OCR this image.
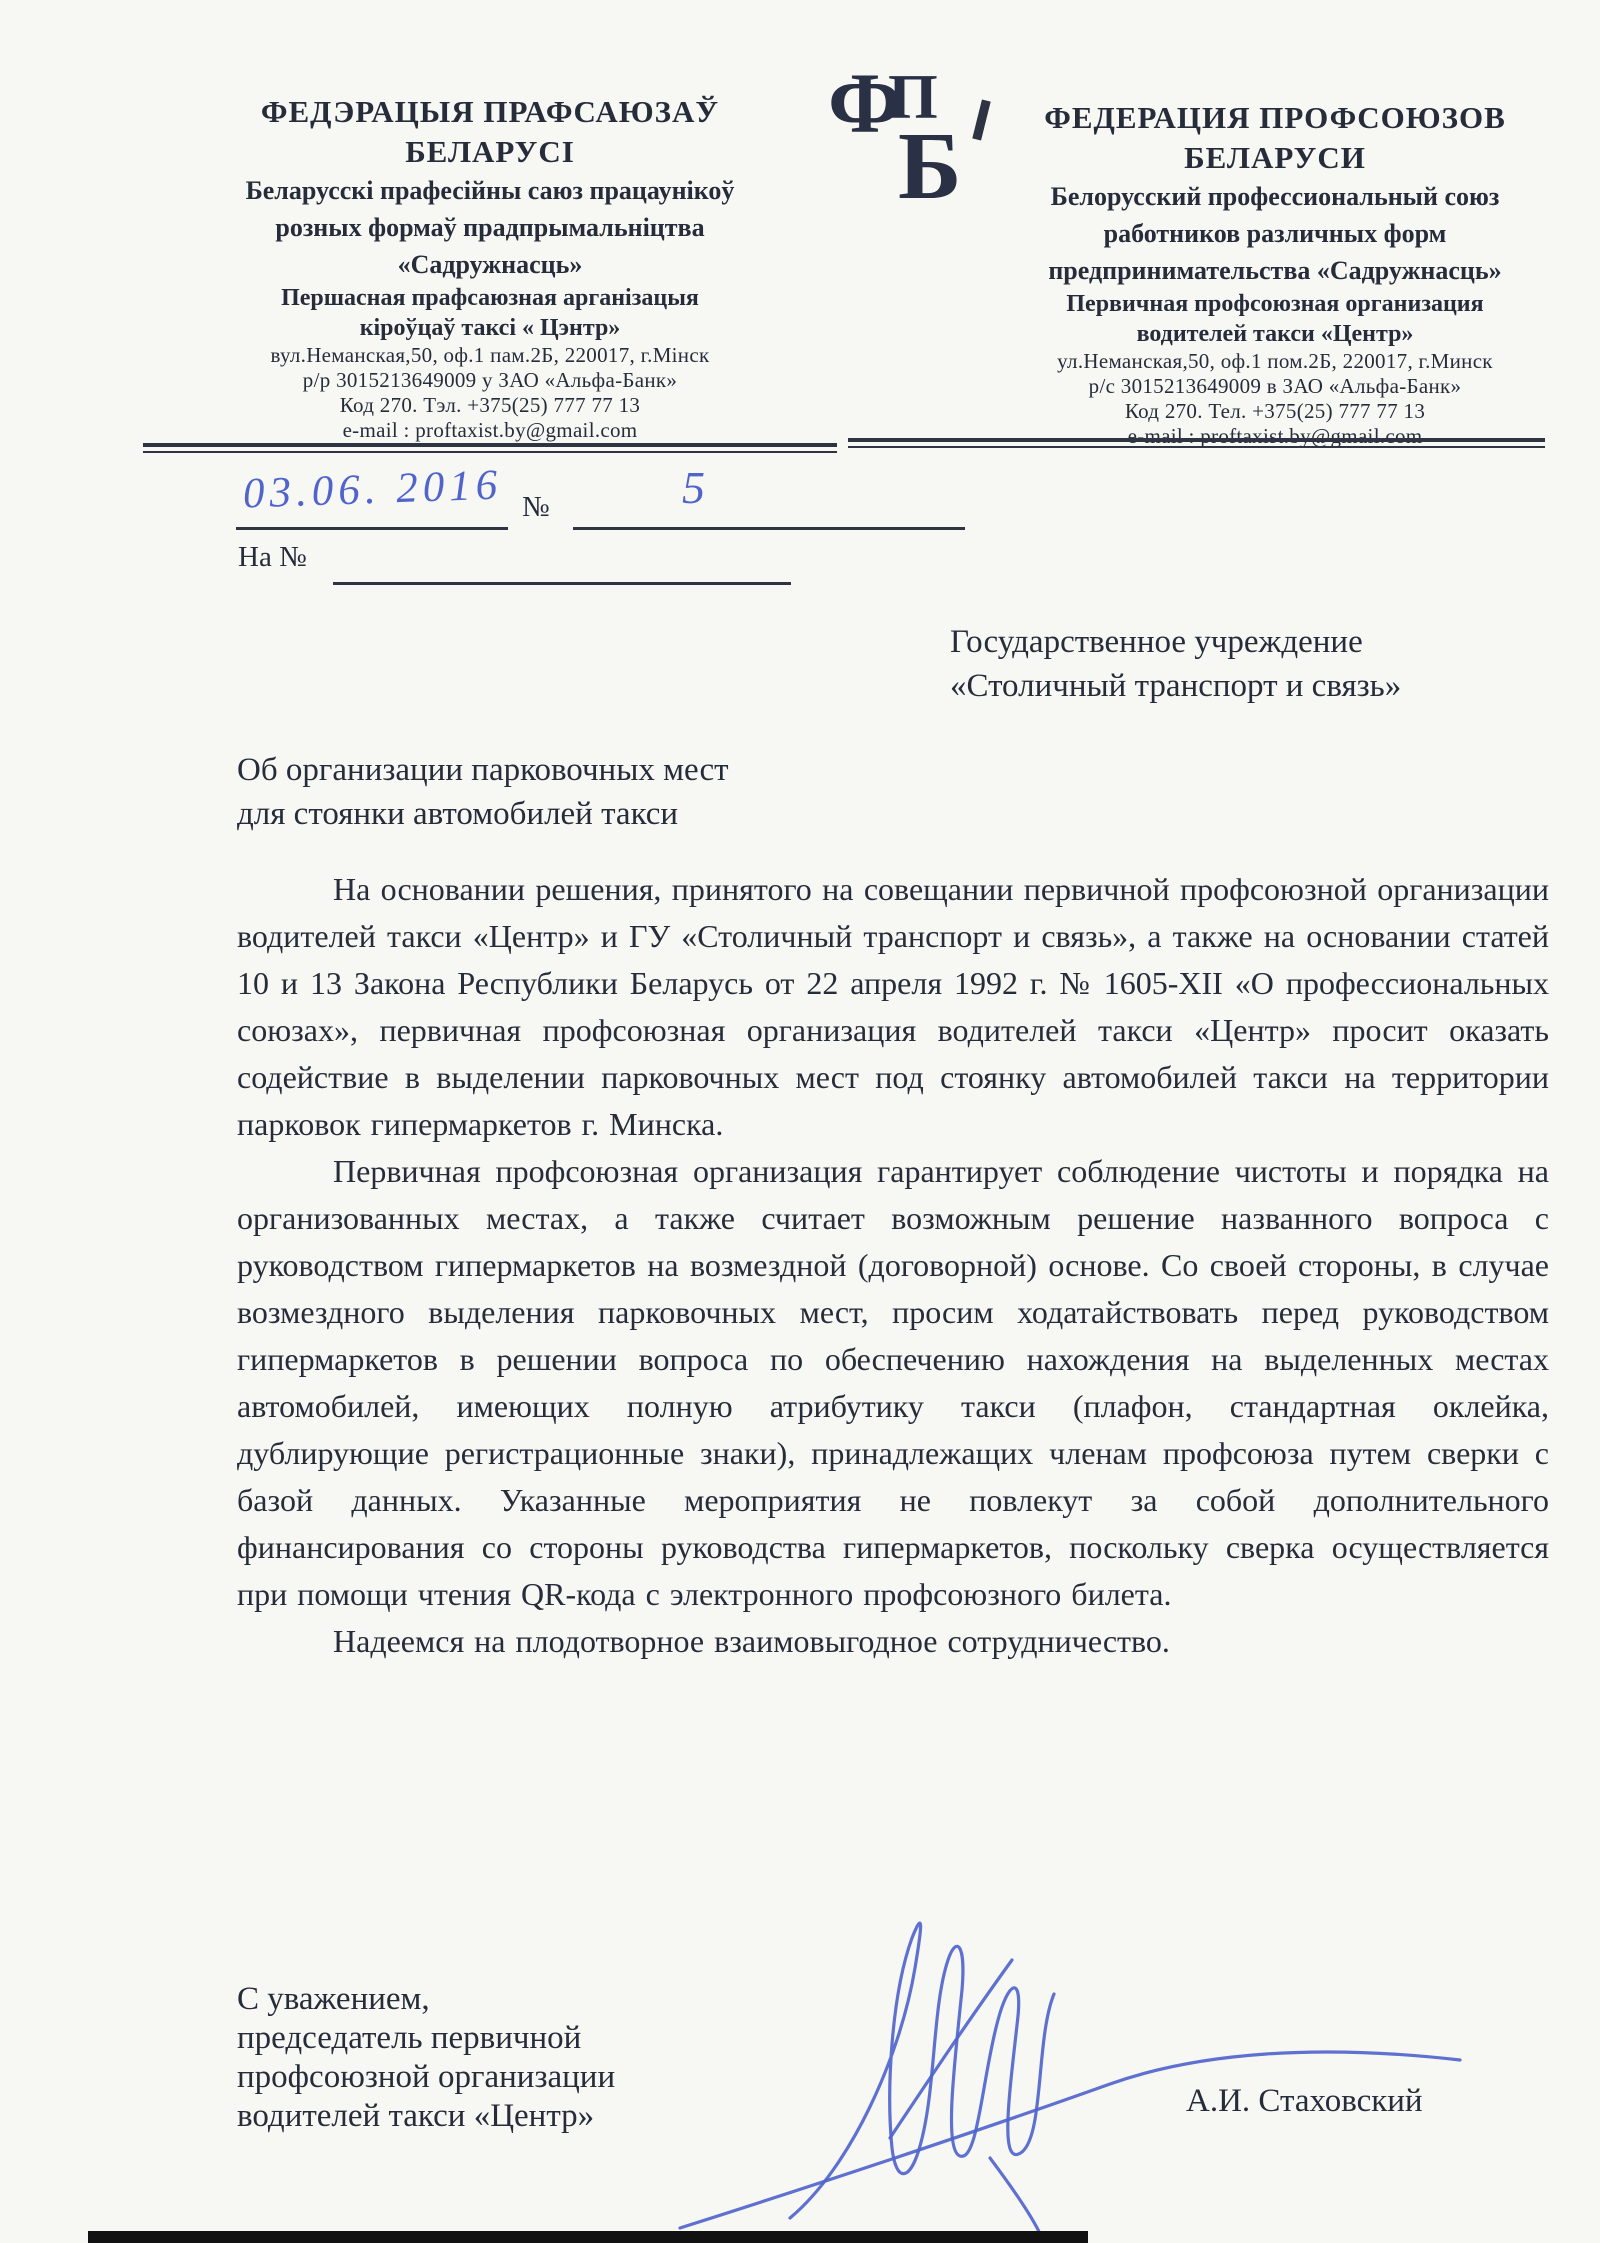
ФЕДЭРАЦЫЯ ПРАФСАЮЗАЎ
БЕЛАРУСІ
Беларусскі прафесійны саюз працаунікоў
розных формаў прадпрымальніцтва
«Садружнасць»
Першасная прафсаюзная арганізацыя
кіроўцаў таксі « Цэнтр»
вул.Неманская,50, оф.1 пам.2Б, 220017, г.Мінск
р/р 3015213649009 у ЗАО «Альфа-Банк»
Код 270. Тэл. +375(25) 777 77 13
e-mail : proftaxist.by@gmail.com
Ф
П
Б	ФЕДЕРАЦИЯ ПРОФСОЮЗОВ
БЕЛАРУСИ
Белорусский профессиональный союз
работников различных форм
предпринимательства «Садружнасць»
Первичная профсоюзная организация
водителей такси «Центр»
ул.Неманская,50, оф.1 пом.2Б, 220017, г.Минск
р/с 3015213649009 в ЗАО «Альфа-Банк»
Код 270. Тел. +375(25) 777 77 13
e-mail : proftaxist.by@gmail.com
03.06. 2016 №	5
На №
Государственное учреждение
«Столичный транспорт и связь»
Об организации парковочных мест
для стоянки автомобилей такси

На основании решения, принятого на совещании первичной профсоюзной организации водителей такси «Центр» и ГУ «Столичный транспорт и связь», а также на основании статей 10 и 13 Закона Республики Беларусь от 22 апреля 1992 г. № 1605-XII «О профессиональных союзах», первичная профсоюзная организация водителей такси «Центр» просит оказать содействие в выделении парковочных мест под стоянку автомобилей такси на территории парковок гипермаркетов г. Минска.

Первичная профсоюзная организация гарантирует соблюдение чистоты и порядка на организованных местах, а также считает возможным решение названного вопроса с руководством гипермаркетов на возмездной (договорной) основе. Со своей стороны, в случае возмездного выделения парковочных мест, просим ходатайствовать перед руководством гипермаркетов в решении вопроса по обеспечению нахождения на выделенных местах автомобилей, имеющих полную атрибутику такси (плафон, стандартная оклейка, дублирующие регистрационные знаки), принадлежащих членам профсоюза путем сверки с базой данных. Указанные мероприятия не повлекут за собой дополнительного финансирования со стороны руководства гипермаркетов, поскольку сверка осуществляется при помощи чтения QR-кода с электронного профсоюзного билета.

Надеемся на плодотворное взаимовыгодное сотрудничество.

С уважением,
председатель первичной
профсоюзной организации
водителей такси «Центр»	А.И. Стаховский
